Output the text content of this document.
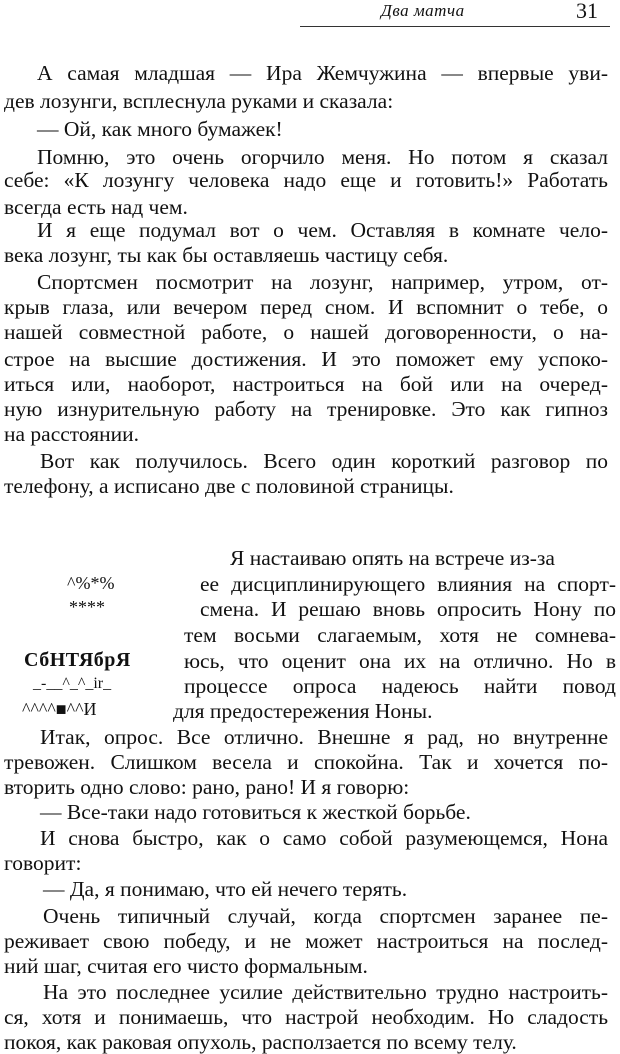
Два матча	31
А самая младшая — Ира Жемчужина — впервые уви-
дев лозунги, всплеснула руками и сказала:
— Ой, как много бумажек!
Помню, это очень огорчило меня. Но потом я сказал
себе: «К лозунгу человека надо еще и готовить!» Работать
всегда есть над чем.
И я еще подумал вот о чем. Оставляя в комнате чело-
века лозунг, ты как бы оставляешь частицу себя.
Спортсмен посмотрит на лозунг, например, утром, от-
крыв глаза, или вечером перед сном. И вспомнит о тебе, о
нашей совместной работе, о нашей договоренности, о на-
строе на высшие достижения. И это поможет ему успоко-
иться или, наоборот, настроиться на бой или на очеред-
ную изнурительную работу на тренировке. Это как гипноз
на расстоянии.
Вот как получилось. Всего один короткий разговор по
телефону, а исписано две с половиной страницы.
^%*%
****
СбНТЯбрЯ
_-__^_^_ir_
^^^^■^^И
Я настаиваю опять на встрече из-за
ее дисциплинирующего влияния на спорт-
смена. И решаю вновь опросить Нону по
тем восьми слагаемым, хотя не сомнева-
юсь, что оценит она их на отлично. Но в
процессе опроса надеюсь найти повод
для предостережения Ноны.
Итак, опрос. Все отлично. Внешне я рад, но внутренне
тревожен. Слишком весела и спокойна. Так и хочется по-
вторить одно слово: рано, рано! И я говорю:
— Все-таки надо готовиться к жесткой борьбе.
И снова быстро, как о само собой разумеющемся, Нона
говорит:
— Да, я понимаю, что ей нечего терять.
Очень типичный случай, когда спортсмен заранее пе-
реживает свою победу, и не может настроиться на послед-
ний шаг, считая его чисто формальным.
На это последнее усилие действительно трудно настроить-
ся, хотя и понимаешь, что настрой необходим. Но сладость
покоя, как раковая опухоль, расползается по всему телу.
